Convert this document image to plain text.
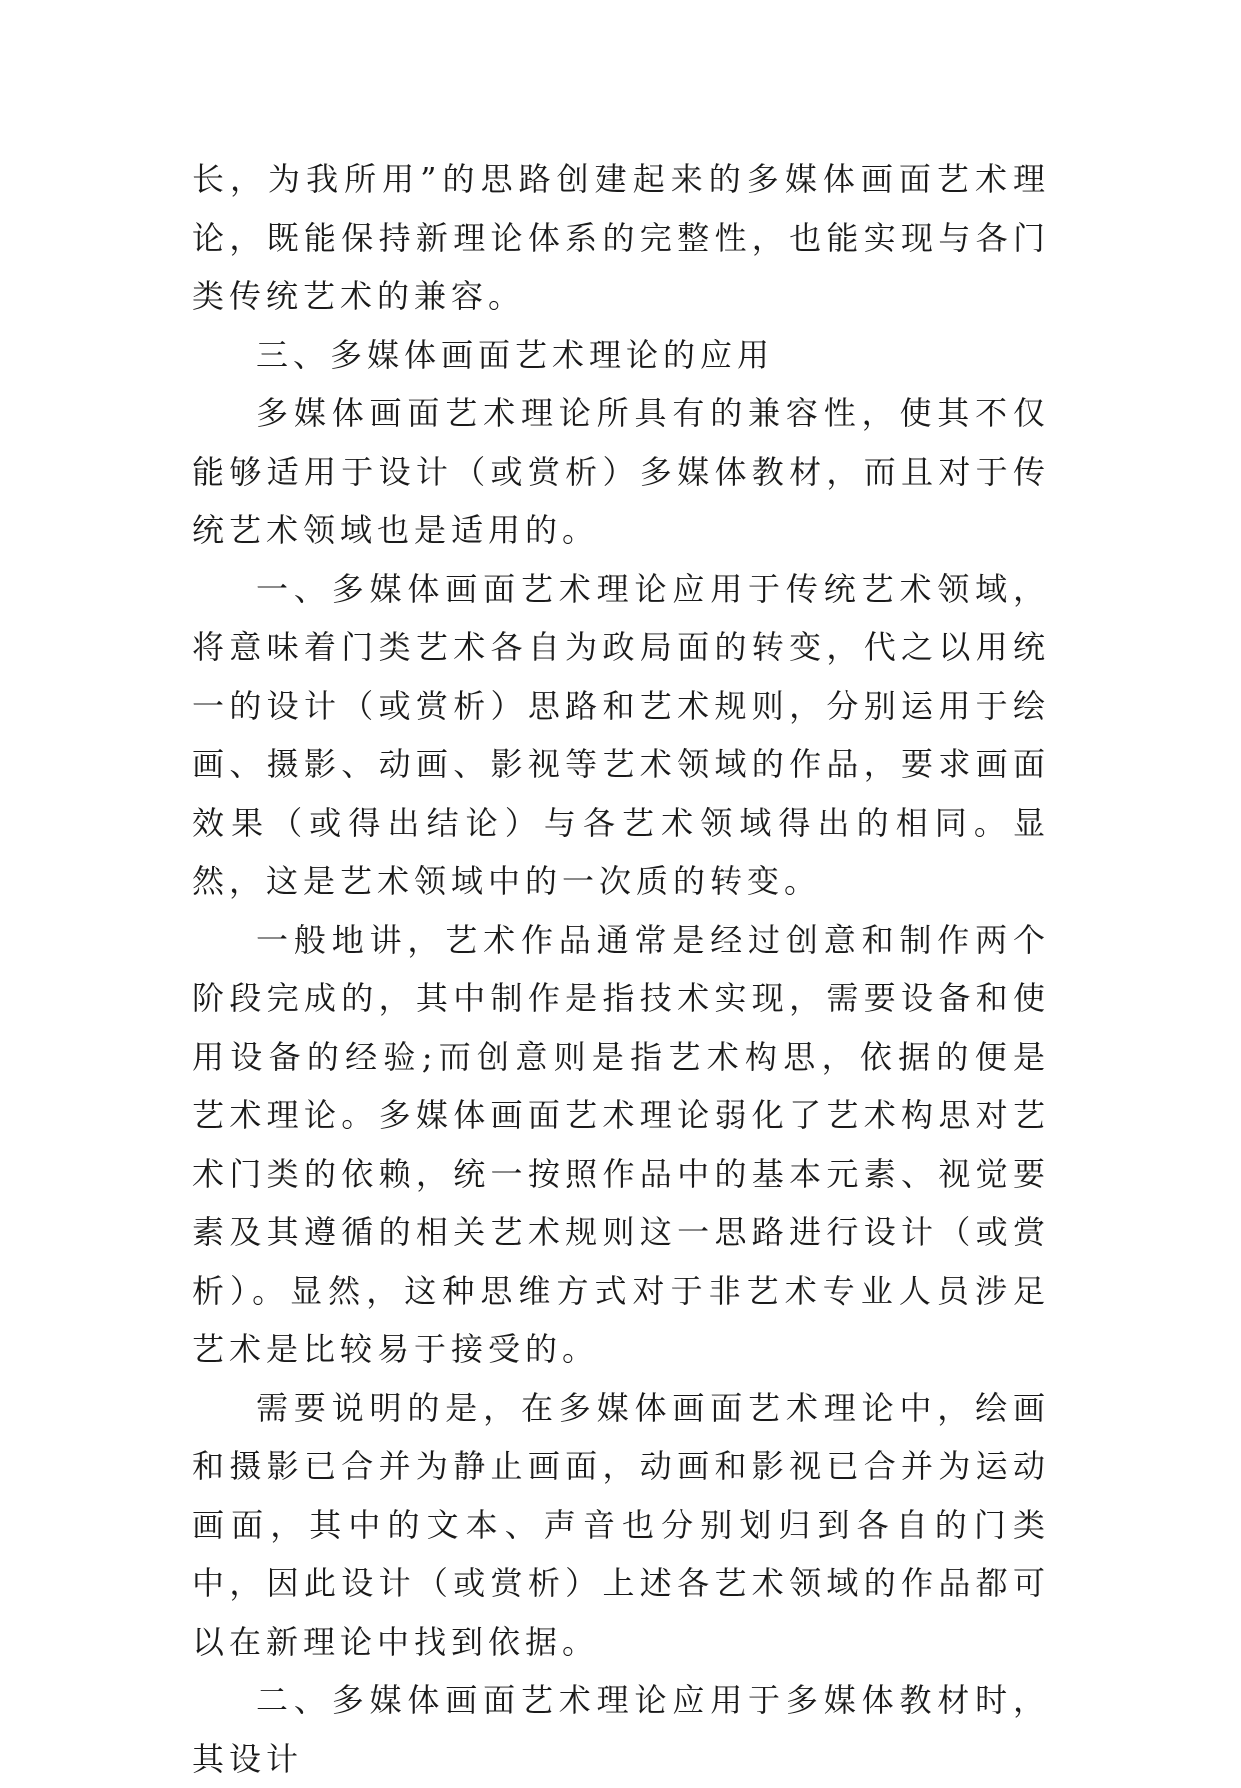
长，为我所用”的思路创建起来的多媒体画面艺术理论，既能保持新理论体系的完整性，也能实现与各门类传统艺术的兼容。

三、多媒体画面艺术理论的应用

多媒体画面艺术理论所具有的兼容性，使其不仅能够适用于设计（或赏析）多媒体教材，而且对于传统艺术领域也是适用的。

一、多媒体画面艺术理论应用于传统艺术领域，将意味着门类艺术各自为政局面的转变，代之以用统一的设计（或赏析）思路和艺术规则，分别运用于绘画、摄影、动画、影视等艺术领域的作品，要求画面效果（或得出结论）与各艺术领域得出的相同。显然，这是艺术领域中的一次质的转变。

一般地讲，艺术作品通常是经过创意和制作两个阶段完成的，其中制作是指技术实现，需要设备和使用设备的经验;而创意则是指艺术构思，依据的便是艺术理论。多媒体画面艺术理论弱化了艺术构思对艺术门类的依赖，统一按照作品中的基本元素、视觉要素及其遵循的相关艺术规则这一思路进行设计（或赏析）。显然，这种思维方式对于非艺术专业人员涉足艺术是比较易于接受的。

需要说明的是，在多媒体画面艺术理论中，绘画和摄影已合并为静止画面，动画和影视已合并为运动画面，其中的文本、声音也分别划归到各自的门类中，因此设计（或赏析）上述各艺术领域的作品都可以在新理论中找到依据。

二、多媒体画面艺术理论应用于多媒体教材时，其设计
